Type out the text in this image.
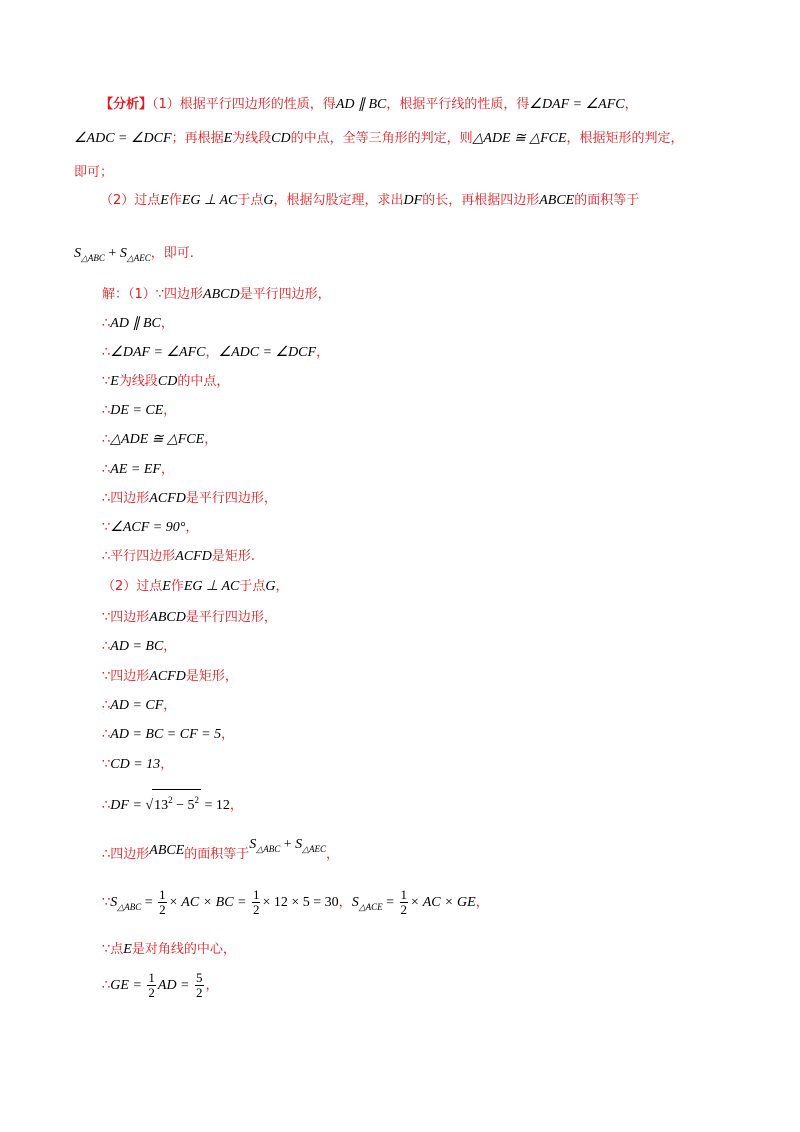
【分析】（1）根据平行四边形的性质，得AD ∥ BC，根据平行线的性质，得∠DAF = ∠AFC，
∠ADC = ∠DCF；再根据E为线段CD的中点，全等三角形的判定，则△ADE ≅ △FCE，根据矩形的判定，
即可；
（2）过点E作EG ⊥ AC于点G，根据勾股定理，求出DF的长，再根据四边形ABCE的面积等于
$S_{\triangle ABC} + S_{\triangle AEC}$，即可.
解：（1）∵四边形ABCD是平行四边形，
∴AD ∥ BC，
∴∠DAF = ∠AFC，∠ADC = ∠DCF，
∵E为线段CD的中点，
∴DE = CE，
∴△ADE ≅ △FCE，
∴AE = EF，
∴四边形ACFD是平行四边形，
∵∠ACF = 90°，
∴平行四边形ACFD是矩形.
（2）过点E作EG ⊥ AC于点G，
∵四边形ABCD是平行四边形，
∴AD = BC，
∵四边形ACFD是矩形，
∴AD = CF，
∴AD = BC = CF = 5，
∵CD = 13，
∴DF = $√13^2 - 5^2 = 12$，
∴四边形ABCE的面积等于$S_{\triangle ABC} + S_{\triangle AEC}$，
$\because S_{\triangle ABC} = \frac{1}{2}$ × AC × BC = $\frac{1}{2} \times 12 \times 5 = 30$，$S_{\triangle ACE} = \frac{1}{2}$ × AC × GE，
∵点E是对角线的中心，
∴GE = $\frac{1}{2}$ AD = $\frac{5}{2}$ ，
